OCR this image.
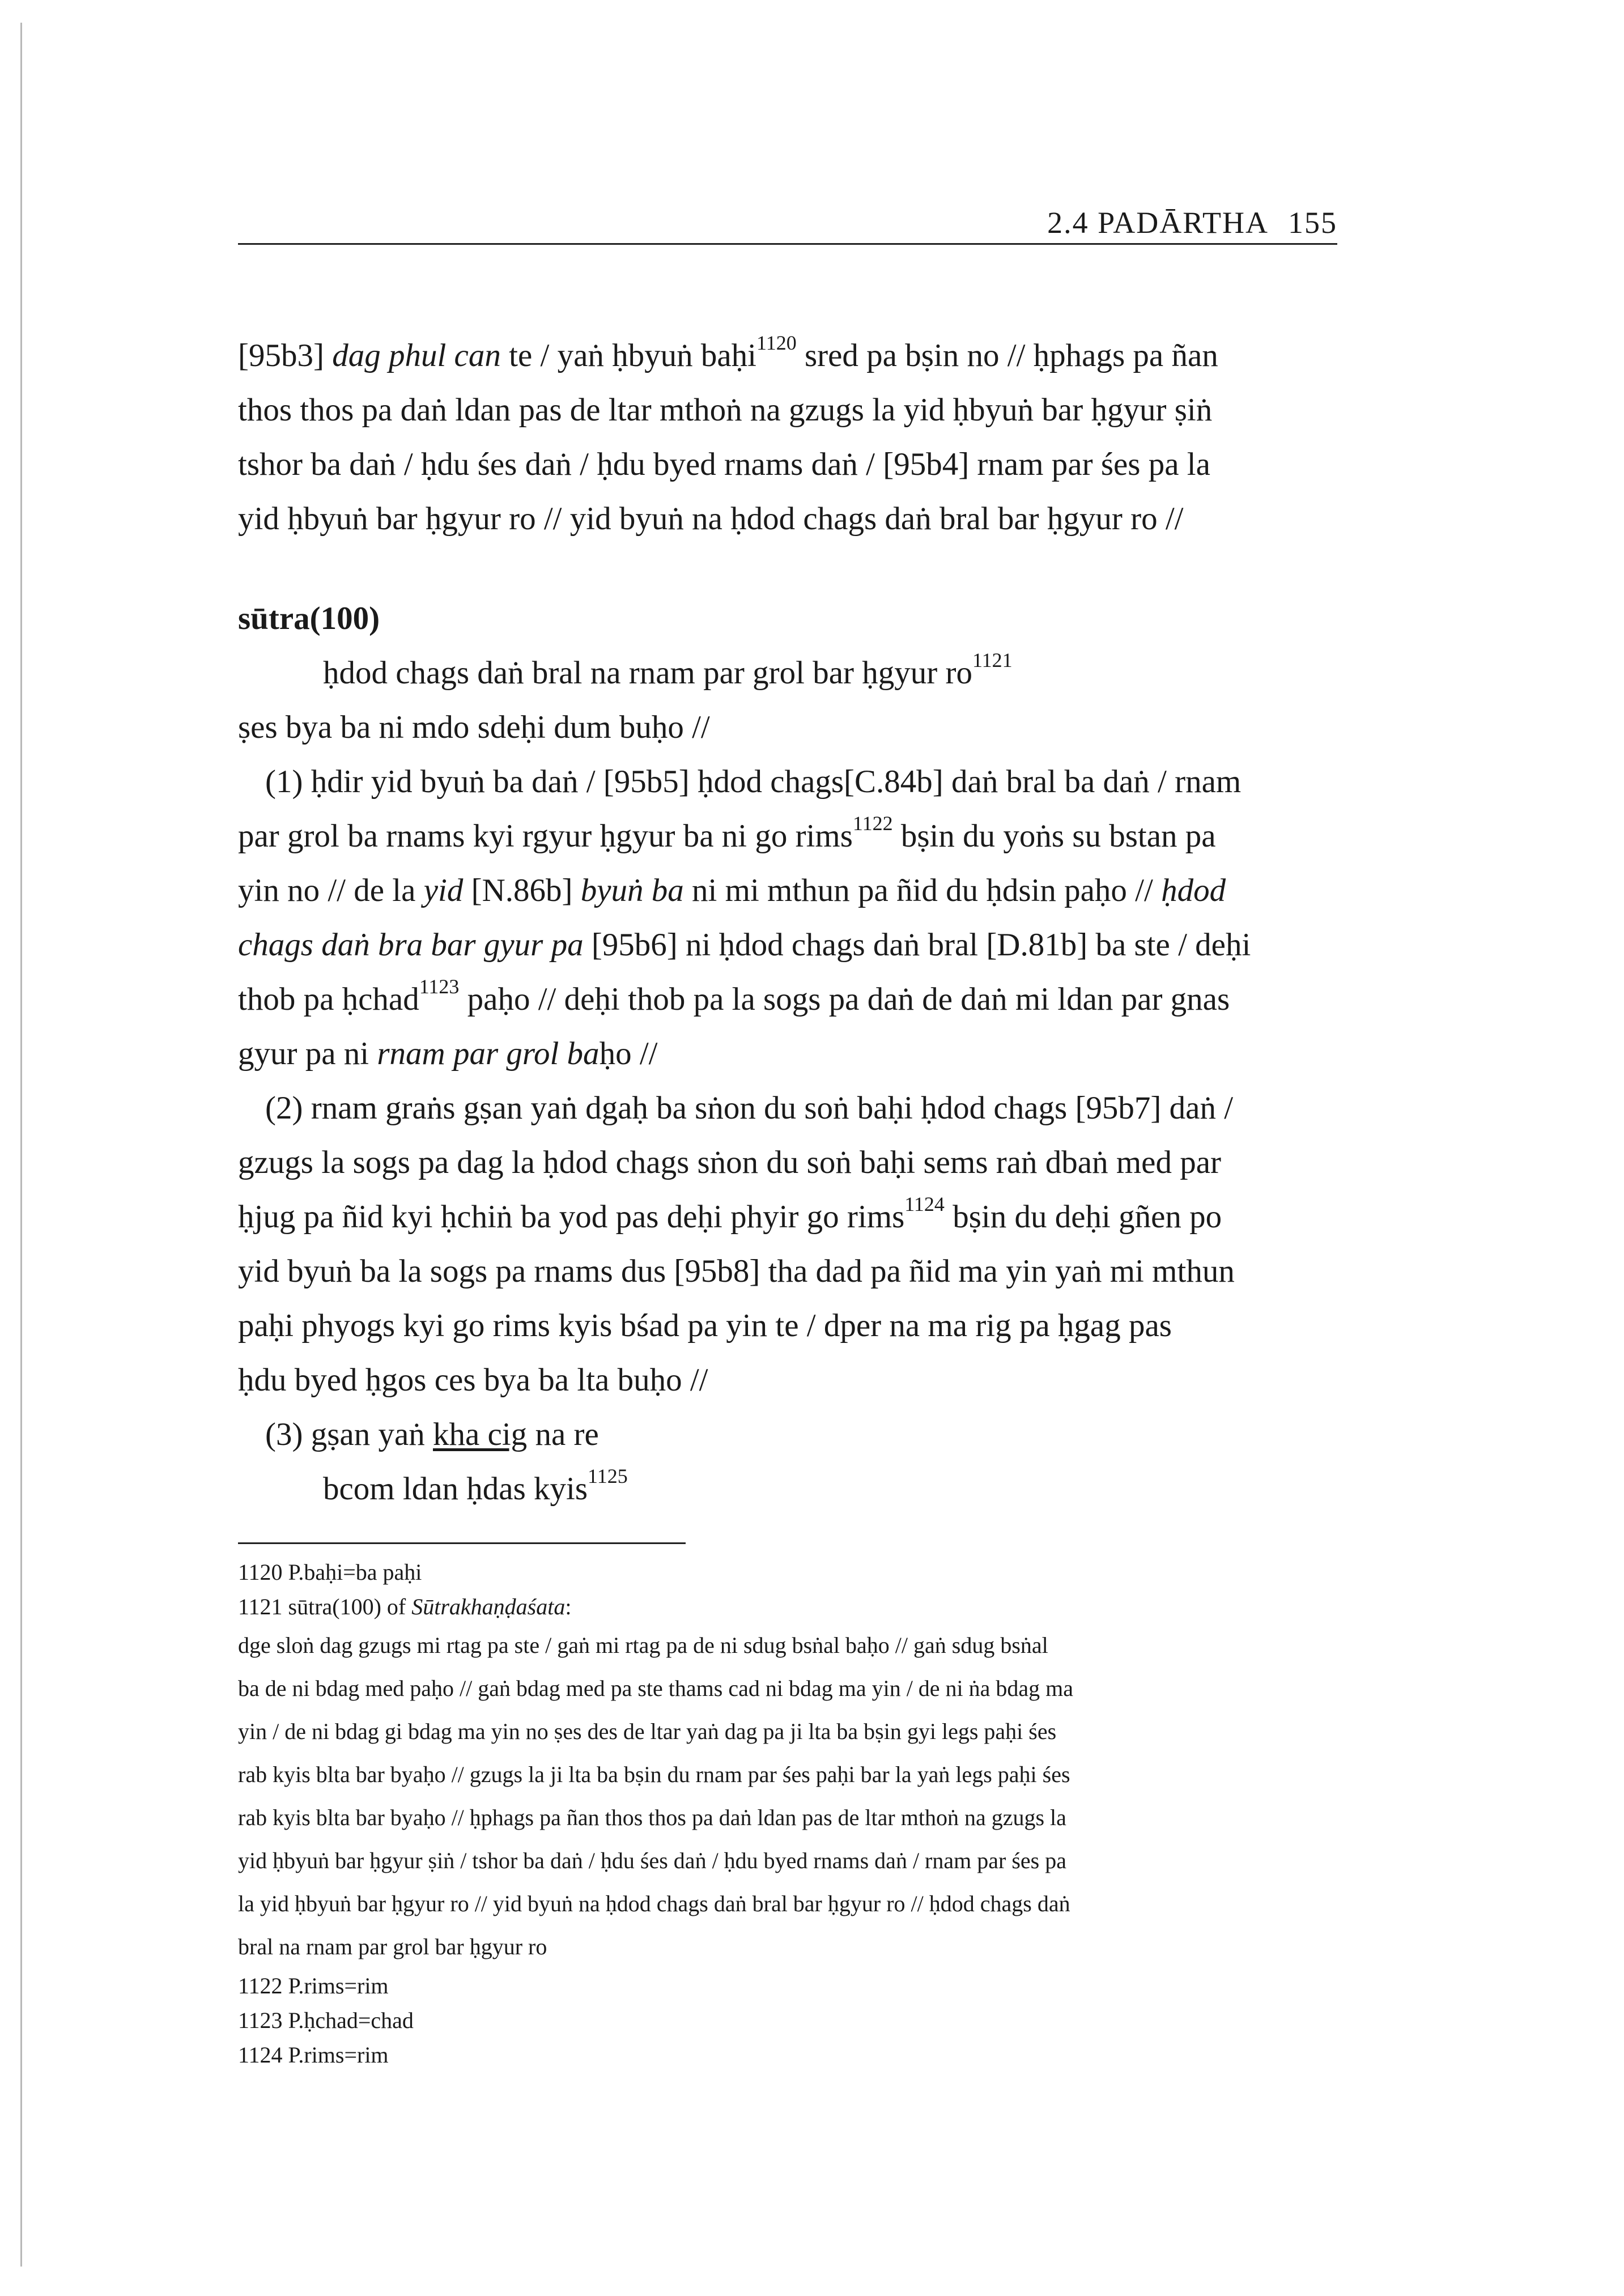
2.4 PADĀRTHA 155
[95b3] dag phul can te / yaṅ ḥbyuṅ baḥi$^{1120}$ sred pa bṣin no // ḥphags pa ñan
thos thos pa daṅ ldan pas de ltar mthoṅ na gzugs la yid ḥbyuṅ bar ḥgyur ṣiṅ
tshor ba daṅ / ḥdu śes daṅ / ḥdu byed rnams daṅ / [95b4] rnam par śes pa la
yid ḥbyuṅ bar ḥgyur ro // yid byuṅ na ḥdod chags daṅ bral bar ḥgyur ro //
sūtra(100)
ḥdod chags daṅ bral na rnam par grol bar ḥgyur $ro^{1121}$
ṣes bya ba ni mdo sdeḥi dum buḥo //
(1) ḥdir yid byuṅ ba daṅ / [95b5] ḥdod chags[C.84b] daṅ bral ba daṅ / rnam
par grol ba rnams kyi rgyur ḥgyur ba ni go rims$^{1122}$ bṣin du yoṅs su bstan pa
yin no // de la yid [N.86b] byuṅ ba ni mi mthun pa ñid du ḥdsin paḥo // ḥdod
chags daṅ bra bar gyur pa [95b6] ni ḥdod chags daṅ bral [D.81b] ba ste / deḥi
thob pa ḥchad$^{1123}$ paḥo // deḥi thob pa la sogs pa daṅ de daṅ mi ldan par gnas
gyur pa ni rnam par grol baḥo //
(2) rnam graṅs gṣan yaṅ dgaḥ ba sṅon du soṅ baḥi ḥdod chags [95b7] daṅ /
gzugs la sogs pa dag la ḥdod chags sṅon du soṅ baḥi sems raṅ dbaṅ med par
ḥjug pa ñid kyi ḥchiṅ ba yod pas deḥi phyir go rims$^{1124}$ bṣin du deḥi gñen po
yid byuṅ ba la sogs pa rnams dus [95b8] tha dad pa ñid ma yin yaṅ mi mthun
paḥi phyogs kyi go rims kyis bśad pa yin te / dper na ma rig pa ḥgag pas
ḥdu byed ḥgos ces bya ba lta buḥo //
(3) gṣan yaṅ kha cig na re
bcom ldan ḥdas kyis$^{1125}$
1120 P.baḥi=ba paḥi
1121 sūtra(100) of Sūtrakhaṇḍaśata:
dge sloṅ dag gzugs mi rtag pa ste / gaṅ mi rtag pa de ni sdug bsṅal baḥo // gaṅ sdug bsṅal
ba de ni bdag med paḥo // gaṅ bdag med pa ste thams cad ni bdag ma yin / de ni ṅa bdag ma
yin / de ni bdag gi bdag ma yin no ṣes des de ltar yaṅ dag pa ji lta ba bṣin gyi legs paḥi śes
rab kyis blta bar byaḥo // gzugs la ji lta ba bṣin du rnam par śes paḥi bar la yaṅ legs paḥi śes
rab kyis blta bar byaḥo // ḥphags pa ñan thos thos pa daṅ ldan pas de ltar mthoṅ na gzugs la
yid ḥbyuṅ bar ḥgyur ṣiṅ / tshor ba daṅ / ḥdu śes daṅ / ḥdu byed rnams daṅ / rnam par śes pa
la yid ḥbyuṅ bar ḥgyur ro // yid byuṅ na ḥdod chags daṅ bral bar ḥgyur ro // ḥdod chags daṅ
bral na rnam par grol bar ḥgyur ro
1122 P.rims=rim
1123 P.ḥchad=chad
1124 P.rims=rim
